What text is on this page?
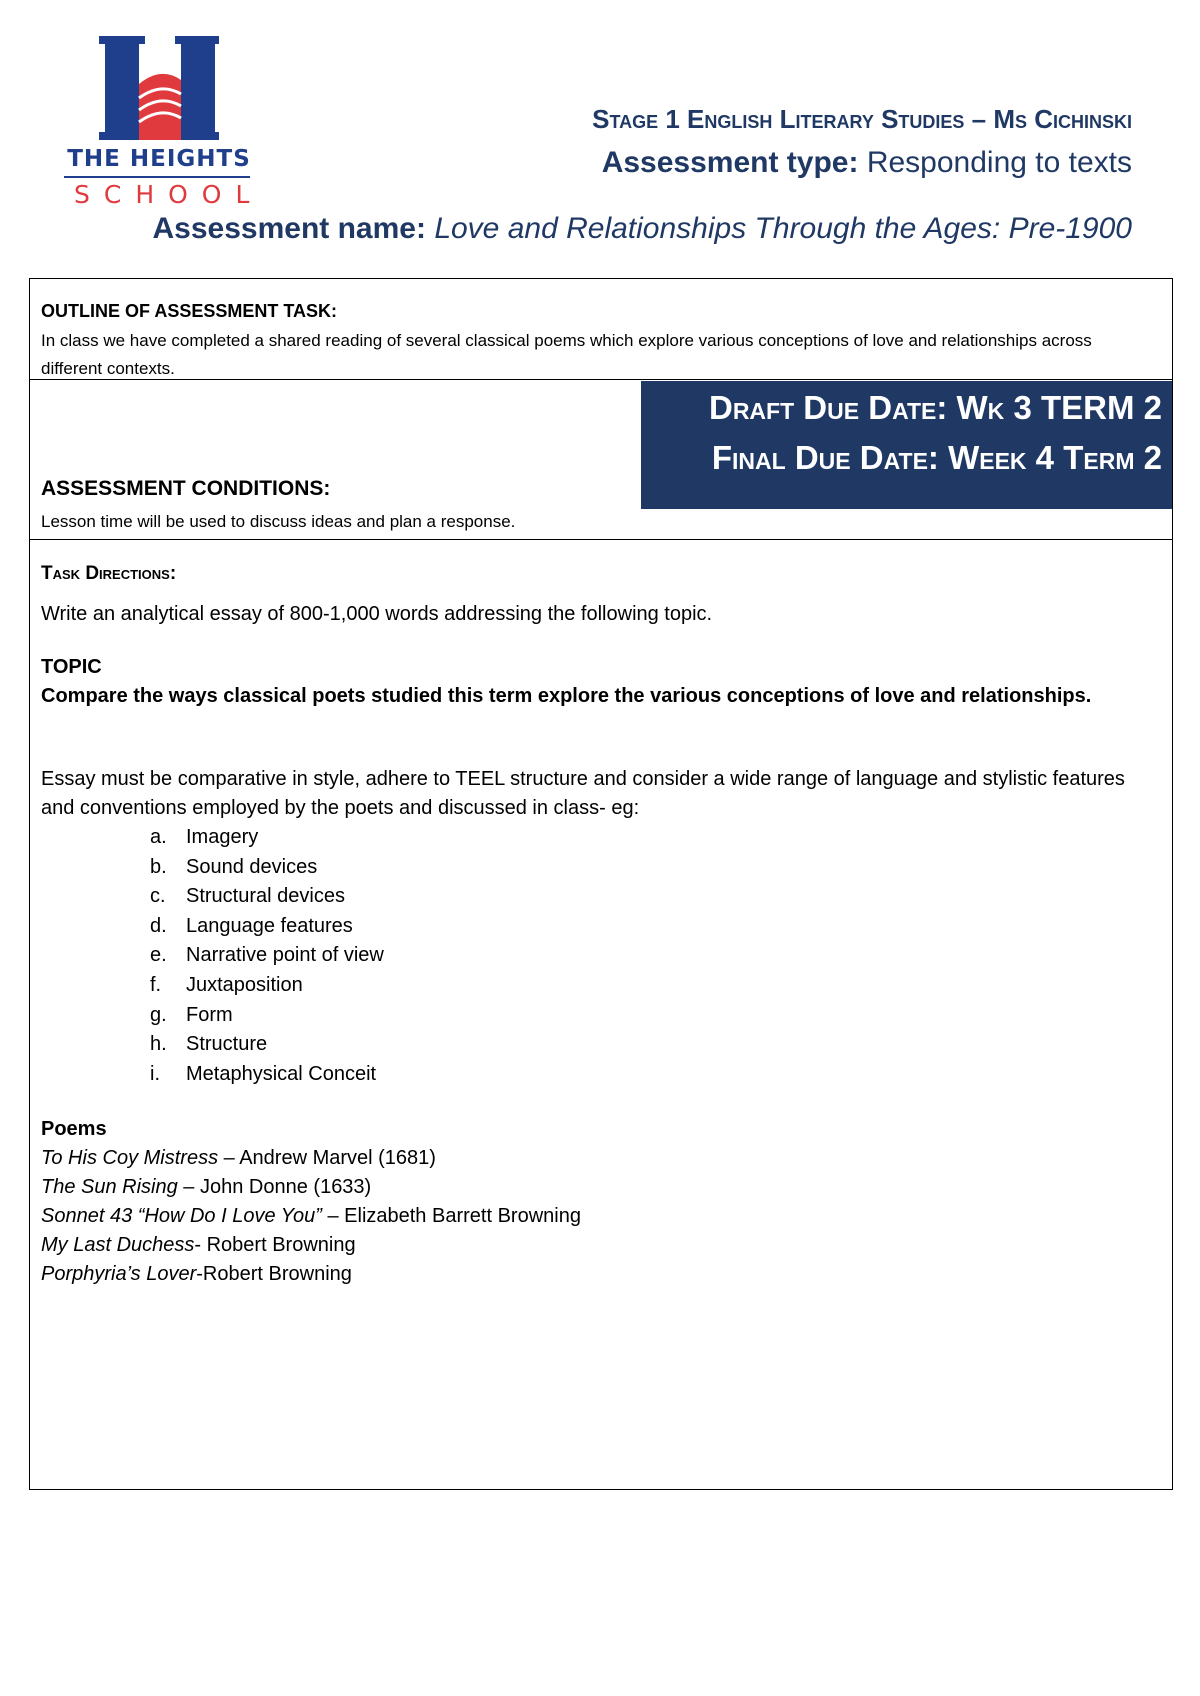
THE HEIGHTS
SCHOOL
Stage 1 English Literary Studies – Ms Cichinski
Assessment type: Responding to texts
Assessment name: Love and Relationships Through the Ages: Pre-1900
OUTLINE OF ASSESSMENT TASK:
In class we have completed a shared reading of several classical poems which explore various conceptions of love and relationships across different contexts.
Draft Due Date: Wk 3 TERM 2
Final Due Date: Week 4 Term 2
ASSESSMENT CONDITIONS:
Lesson time will be used to discuss ideas and plan a response.

Task Directions:

Write an analytical essay of 800-1,000 words addressing the following topic.

TOPIC

Compare the ways classical poets studied this term explore the various conceptions of love and relationships.

Essay must be comparative in style, adhere to TEEL structure and consider a wide range of language and stylistic features and conventions employed by the poets and discussed in class- eg:

a. Imagery
b. Sound devices
c. Structural devices
d. Language features
e. Narrative point of view
f. Juxtaposition
g. Form
h. Structure
i. Metaphysical Conceit

Poems

To His Coy Mistress – Andrew Marvel (1681)

The Sun Rising – John Donne (1633)

Sonnet 43 “How Do I Love You” – Elizabeth Barrett Browning

My Last Duchess- Robert Browning

Porphyria’s Lover-Robert Browning
